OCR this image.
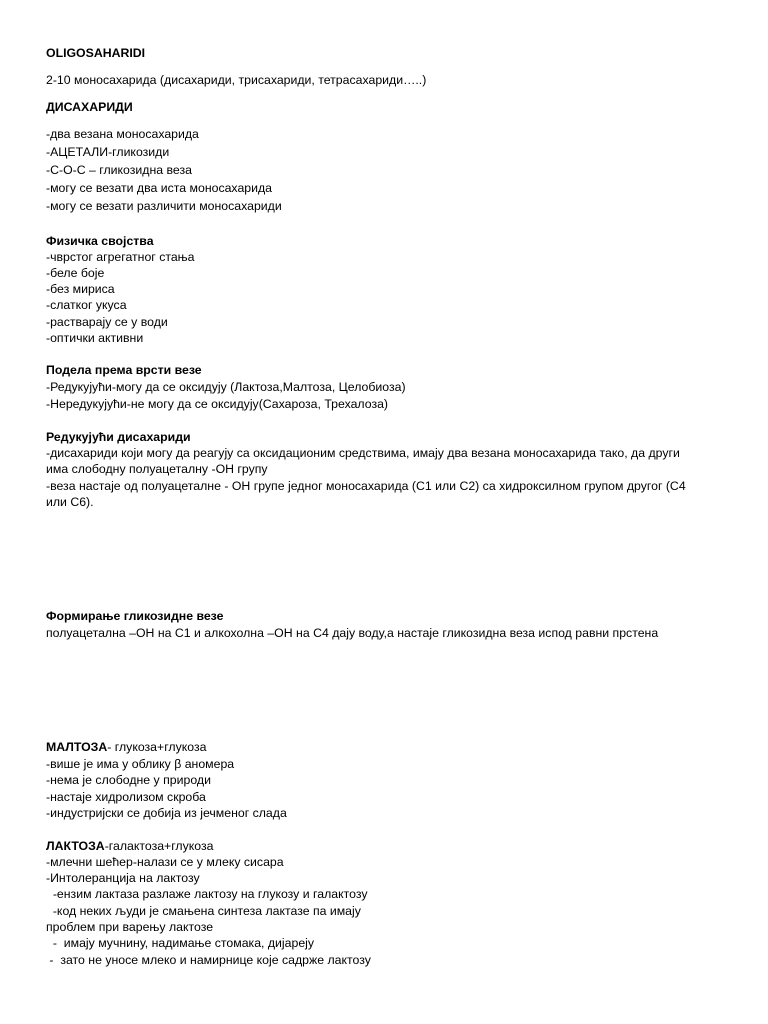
OLIGOSAHARIDI

2-10 моносахарида (дисахариди, трисахариди, тетрасахариди…..)

ДИСАХАРИДИ

-два везана моносахарида

-АЦЕТАЛИ-гликозиди

-С-О-С – гликозидна веза

-могу се везати два иста моносахарида

-могу се везати различити моносахариди

Физичка својства

-чврстог агрегатног стања

-беле боје

-без мириса

-слатког укуса

-растварају се у води

-оптички активни

Подела према врсти везе

-Редукујући-могу да се оксидују (Лактоза,Малтоза, Целобиоза)

-Нередукујући-не могу да се оксидују(Сахароза, Трехалоза)

Редукујући дисахариди

-дисахариди који могу да реагују са оксидационим средствима, имају два везана моносахарида тако, да други

има слободну полуацеталну -ОН групу

-веза настаје од полуацеталне - ОН групе једног моносахарида (С1 или С2) са хидроксилном групом другог (С4

или С6).

Формирање гликозидне везе

полуацетална –ОН на С1 и алкохолна –ОН на С4 дају воду,а настаје гликозидна веза испод равни прстена

МАЛТОЗА- глукоза+глукоза

-више је има у облику β аномера

-нема је слободне у природи

-настаје хидролизом скроба

-индустријски се добија из јечменог слада

ЛАКТОЗА-галактоза+глукоза

-млечни шећер-налази се у млеку сисара

-Интолеранција на лактозу

-ензим лактаза разлаже лактозу на глукозу и галактозу

-код неких људи је смањена синтеза лактазе па имају

проблем при варењу лактозе

-  имају мучнину, надимање стомака, дијареју

-  зато не уносе млеко и намирнице које садрже лактозу
